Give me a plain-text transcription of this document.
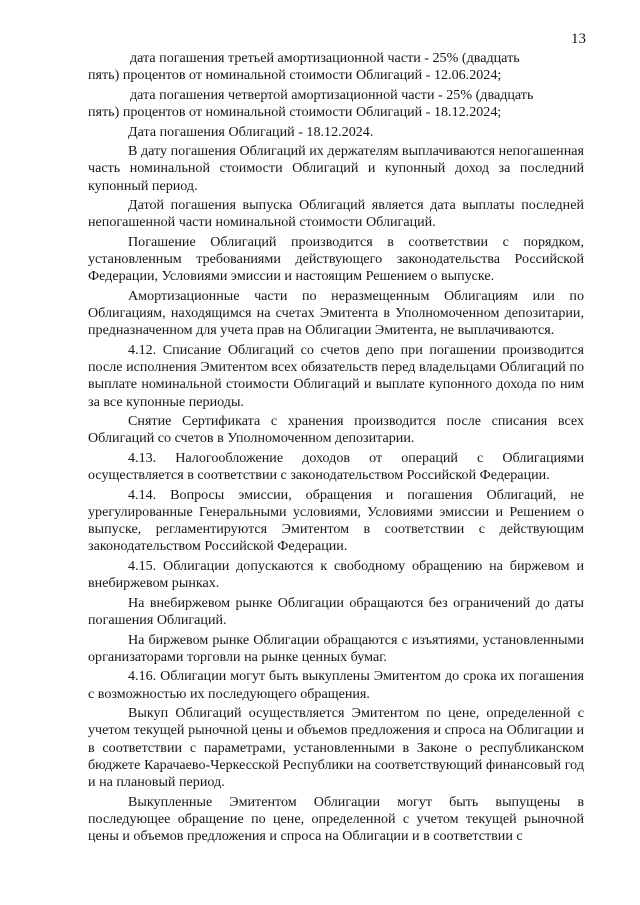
13

дата погашения третьей амортизационной части - 25% (двадцать
пять) процентов от номинальной стоимости Облигаций - 12.06.2024;

дата погашения четвертой амортизационной части - 25% (двадцать
пять) процентов от номинальной стоимости Облигаций - 18.12.2024;

Дата погашения Облигаций - 18.12.2024.

В дату погашения Облигаций их держателям выплачиваются непогашенная часть номинальной стоимости Облигаций и купонный доход за последний купонный период.

Датой погашения выпуска Облигаций является дата выплаты последней непогашенной части номинальной стоимости Облигаций.

Погашение Облигаций производится в соответствии с порядком, установленным требованиями действующего законодательства Российской Федерации, Условиями эмиссии и настоящим Решением о выпуске.

Амортизационные части по неразмещенным Облигациям или по Облигациям, находящимся на счетах Эмитента в Уполномоченном депозитарии, предназначенном для учета прав на Облигации Эмитента, не выплачиваются.

4.12. Списание Облигаций со счетов депо при погашении производится после исполнения Эмитентом всех обязательств перед владельцами Облигаций по выплате номинальной стоимости Облигаций и выплате купонного дохода по ним за все купонные периоды.

Снятие Сертификата с хранения производится после списания всех Облигаций со счетов в Уполномоченном депозитарии.

4.13. Налогообложение доходов от операций с Облигациями осуществляется в соответствии с законодательством Российской Федерации.

4.14. Вопросы эмиссии, обращения и погашения Облигаций, не урегулированные Генеральными условиями, Условиями эмиссии и Решением о выпуске, регламентируются Эмитентом в соответствии с действующим законодательством Российской Федерации.

4.15. Облигации допускаются к свободному обращению на биржевом и внебиржевом рынках.

На внебиржевом рынке Облигации обращаются без ограничений до даты погашения Облигаций.

На биржевом рынке Облигации обращаются с изъятиями, установленными организаторами торговли на рынке ценных бумаг.

4.16. Облигации могут быть выкуплены Эмитентом до срока их погашения с возможностью их последующего обращения.

Выкуп Облигаций осуществляется Эмитентом по цене, определенной с учетом текущей рыночной цены и объемов предложения и спроса на Облигации и в соответствии с параметрами, установленными в Законе о республиканском бюджете Карачаево-Черкесской Республики на соответствующий финансовый год и на плановый период.

Выкупленные Эмитентом Облигации могут быть выпущены в последующее обращение по цене, определенной с учетом текущей рыночной цены и объемов предложения и спроса на Облигации и в соответствии с
